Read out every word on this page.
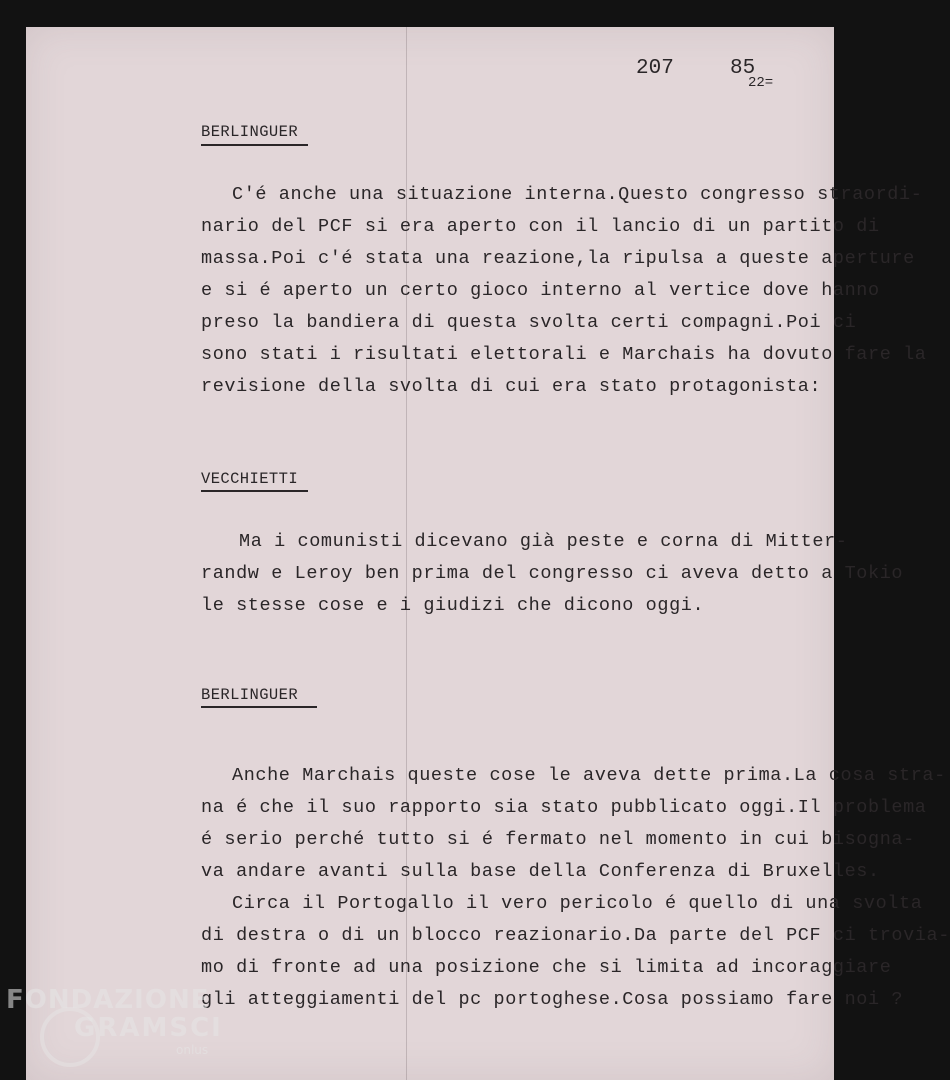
207	85
22=
BERLINGUER
C'é anche una situazione interna.Questo congresso straordi-
nario del PCF si era aperto con il lancio di un partito di
massa.Poi c'é stata una reazione,la ripulsa a queste aperture
e si é aperto un certo gioco interno al vertice dove hanno
preso la bandiera di questa svolta certi compagni.Poi ci
sono stati i risultati elettorali e Marchais ha dovuto fare la
revisione della svolta di cui era stato protagonista:
VECCHIETTI
Ma i comunisti dicevano già peste e corna di Mitter-
randw e Leroy ben prima del congresso ci aveva detto a Tokio
le stesse cose e i giudizi che dicono oggi.
BERLINGUER
Anche Marchais queste cose le aveva dette prima.La cosa stra-
na é che il suo rapporto sia stato pubblicato oggi.Il problema
é serio perché tutto si é fermato nel momento in cui bisogna-
va andare avanti sulla base della Conferenza di Bruxelles.
Circa il Portogallo il vero pericolo é quello di una svolta
di destra o di un blocco reazionario.Da parte del PCF ci trovia-
mo di fronte ad una posizione che si limita ad incoraggiare
gli atteggiamenti del pc portoghese.Cosa possiamo fare noi ?
FONDAZIONE
GRAMSCI
onlus
